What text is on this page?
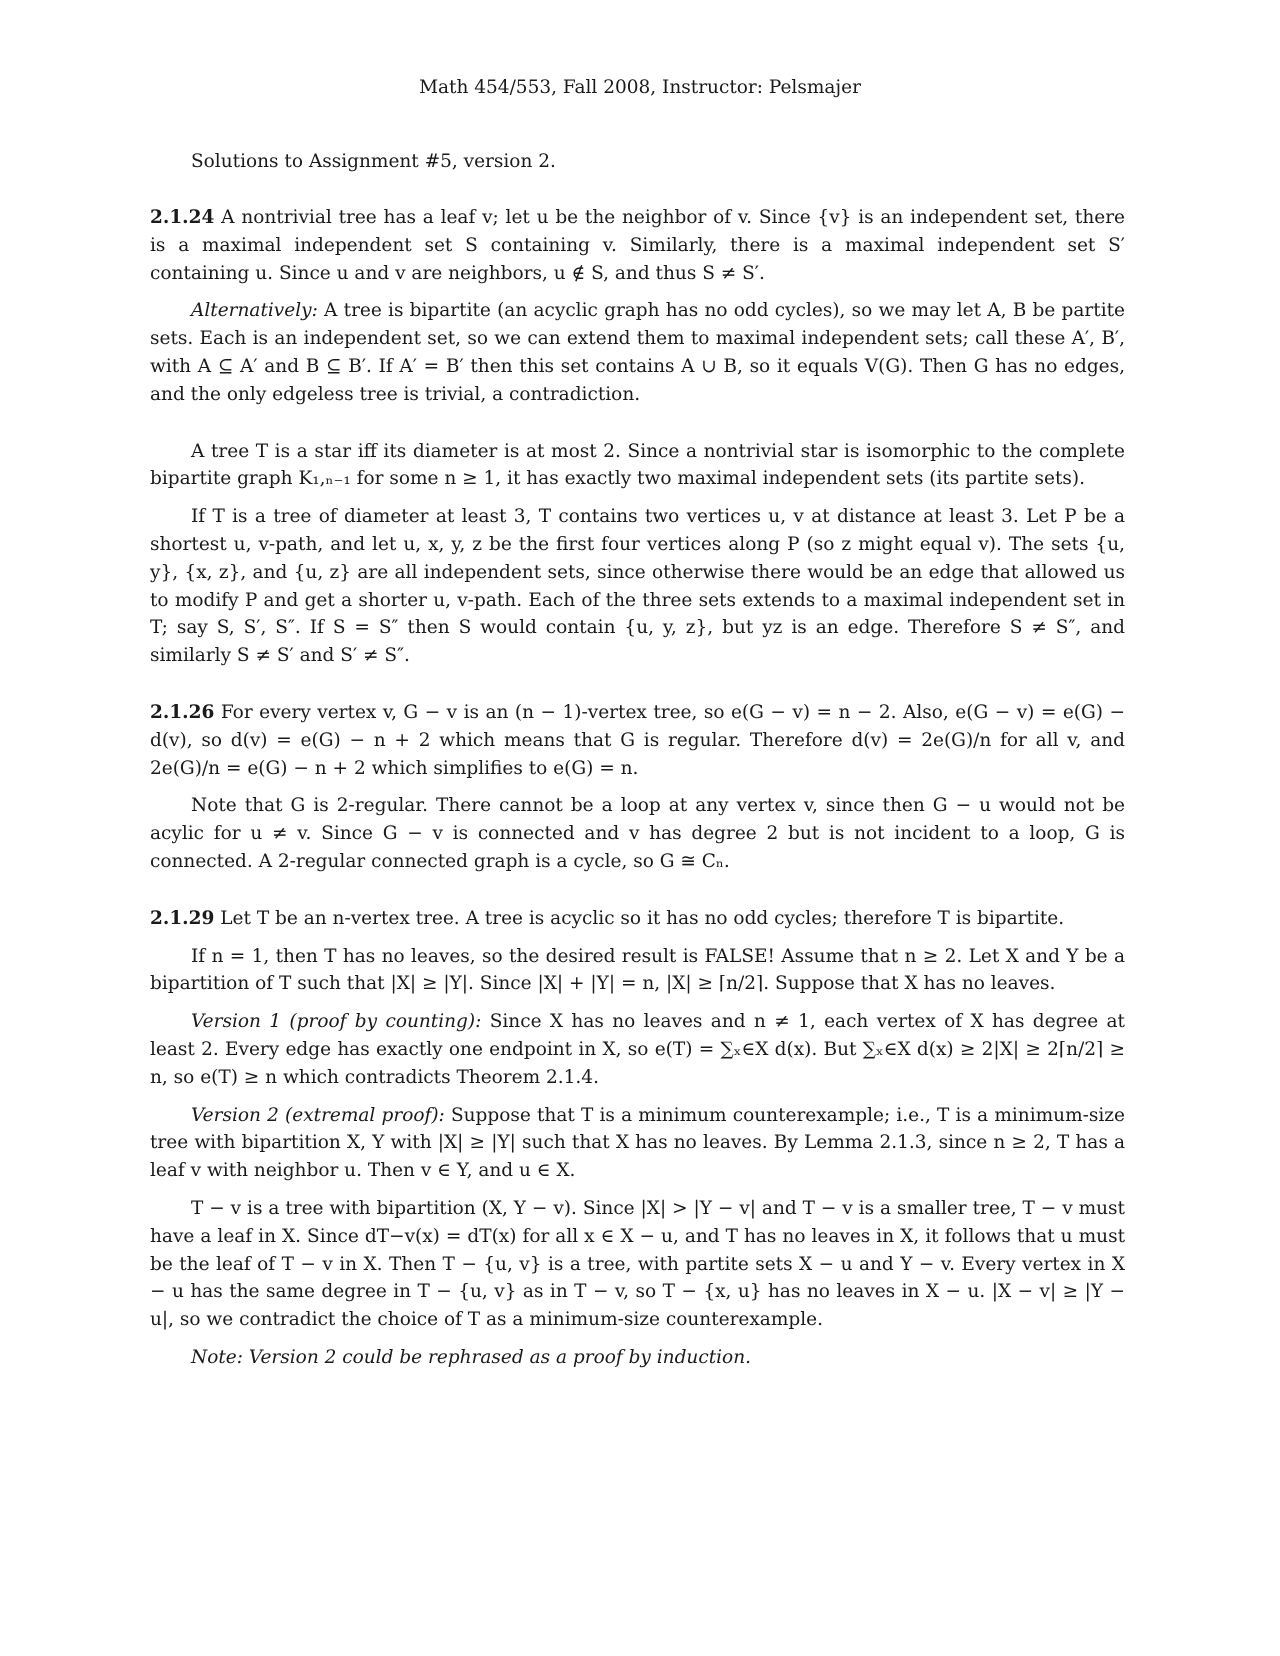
Math 454/553, Fall 2008, Instructor: Pelsmajer
Solutions to Assignment #5, version 2.

2.1.24 A nontrivial tree has a leaf v; let u be the neighbor of v. Since {v} is an independent set, there is a maximal independent set S containing v. Similarly, there is a maximal independent set S′ containing u. Since u and v are neighbors, u ∉ S, and thus S ≠ S′.

Alternatively: A tree is bipartite (an acyclic graph has no odd cycles), so we may let A, B be partite sets. Each is an independent set, so we can extend them to maximal independent sets; call these A′, B′, with A ⊆ A′ and B ⊆ B′. If A′ = B′ then this set contains A ∪ B, so it equals V(G). Then G has no edges, and the only edgeless tree is trivial, a contradiction.

A tree T is a star iff its diameter is at most 2. Since a nontrivial star is isomorphic to the complete bipartite graph K₁,ₙ₋₁ for some n ≥ 1, it has exactly two maximal independent sets (its partite sets).

If T is a tree of diameter at least 3, T contains two vertices u, v at distance at least 3. Let P be a shortest u, v-path, and let u, x, y, z be the first four vertices along P (so z might equal v). The sets {u, y}, {x, z}, and {u, z} are all independent sets, since otherwise there would be an edge that allowed us to modify P and get a shorter u, v-path. Each of the three sets extends to a maximal independent set in T; say S, S′, S″. If S = S″ then S would contain {u, y, z}, but yz is an edge. Therefore S ≠ S″, and similarly S ≠ S′ and S′ ≠ S″.

2.1.26 For every vertex v, G − v is an (n − 1)-vertex tree, so e(G − v) = n − 2. Also, e(G − v) = e(G) − d(v), so d(v) = e(G) − n + 2 which means that G is regular. Therefore d(v) = 2e(G)/n for all v, and 2e(G)/n = e(G) − n + 2 which simplifies to e(G) = n.

Note that G is 2-regular. There cannot be a loop at any vertex v, since then G − u would not be acylic for u ≠ v. Since G − v is connected and v has degree 2 but is not incident to a loop, G is connected. A 2-regular connected graph is a cycle, so G ≅ Cₙ.

2.1.29 Let T be an n-vertex tree. A tree is acyclic so it has no odd cycles; therefore T is bipartite.

If n = 1, then T has no leaves, so the desired result is FALSE! Assume that n ≥ 2. Let X and Y be a bipartition of T such that |X| ≥ |Y|. Since |X| + |Y| = n, |X| ≥ ⌈n/2⌉. Suppose that X has no leaves.

Version 1 (proof by counting): Since X has no leaves and n ≠ 1, each vertex of X has degree at least 2. Every edge has exactly one endpoint in X, so e(T) = ∑ₓ∈X d(x). But ∑ₓ∈X d(x) ≥ 2|X| ≥ 2⌈n/2⌉ ≥ n, so e(T) ≥ n which contradicts Theorem 2.1.4.

Version 2 (extremal proof): Suppose that T is a minimum counterexample; i.e., T is a minimum-size tree with bipartition X, Y with |X| ≥ |Y| such that X has no leaves. By Lemma 2.1.3, since n ≥ 2, T has a leaf v with neighbor u. Then v ∈ Y, and u ∈ X.

T − v is a tree with bipartition (X, Y − v). Since |X| > |Y − v| and T − v is a smaller tree, T − v must have a leaf in X. Since dT−v(x) = dT(x) for all x ∈ X − u, and T has no leaves in X, it follows that u must be the leaf of T − v in X. Then T − {u, v} is a tree, with partite sets X − u and Y − v. Every vertex in X − u has the same degree in T − {u, v} as in T − v, so T − {x, u} has no leaves in X − u. |X − v| ≥ |Y − u|, so we contradict the choice of T as a minimum-size counterexample.

Note: Version 2 could be rephrased as a proof by induction.
